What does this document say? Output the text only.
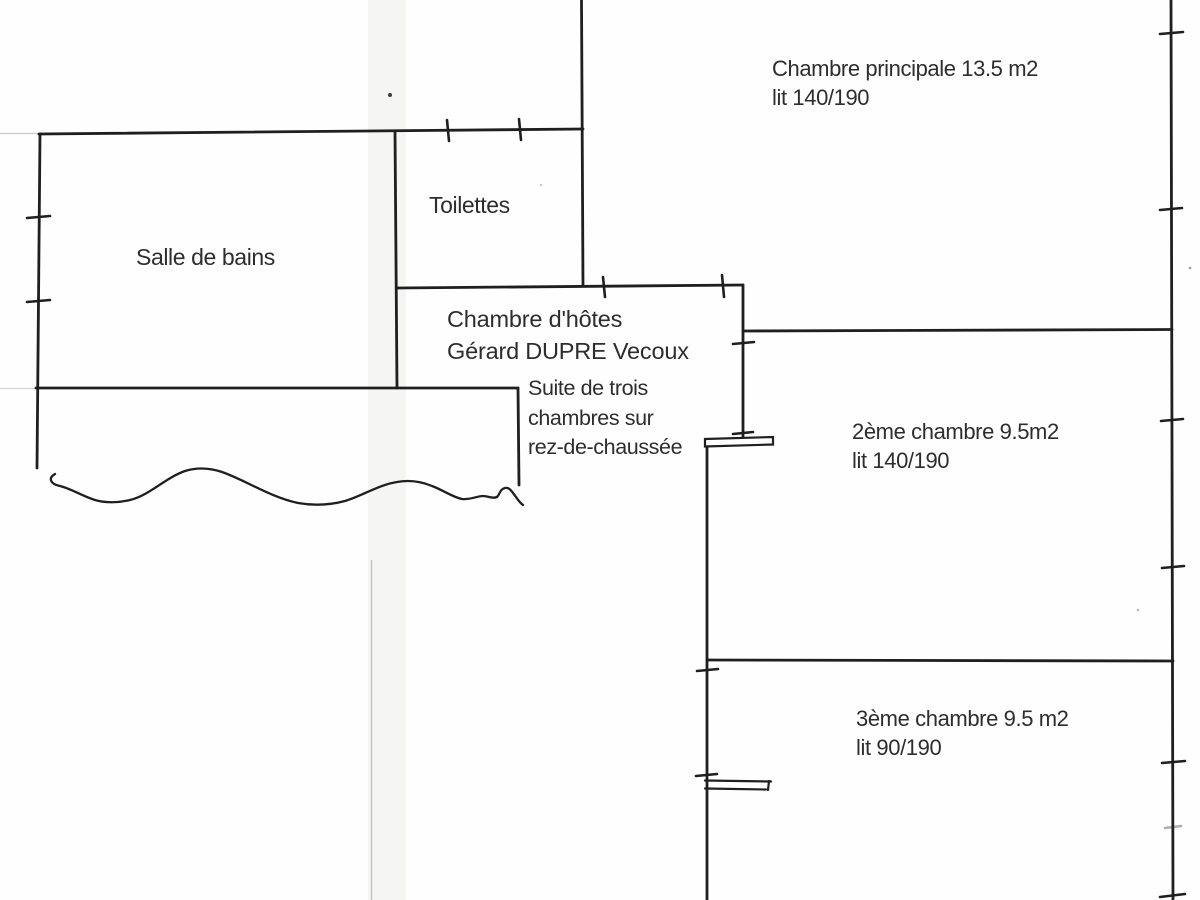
Chambre principale 13.5 m2
lit 140/190
Toilettes
Salle de bains
Chambre d'hôtes
Gérard DUPRE Vecoux
Suite de trois
chambres sur
rez-de-chaussée
2ème chambre 9.5m2
lit 140/190
3ème chambre 9.5 m2
lit 90/190
